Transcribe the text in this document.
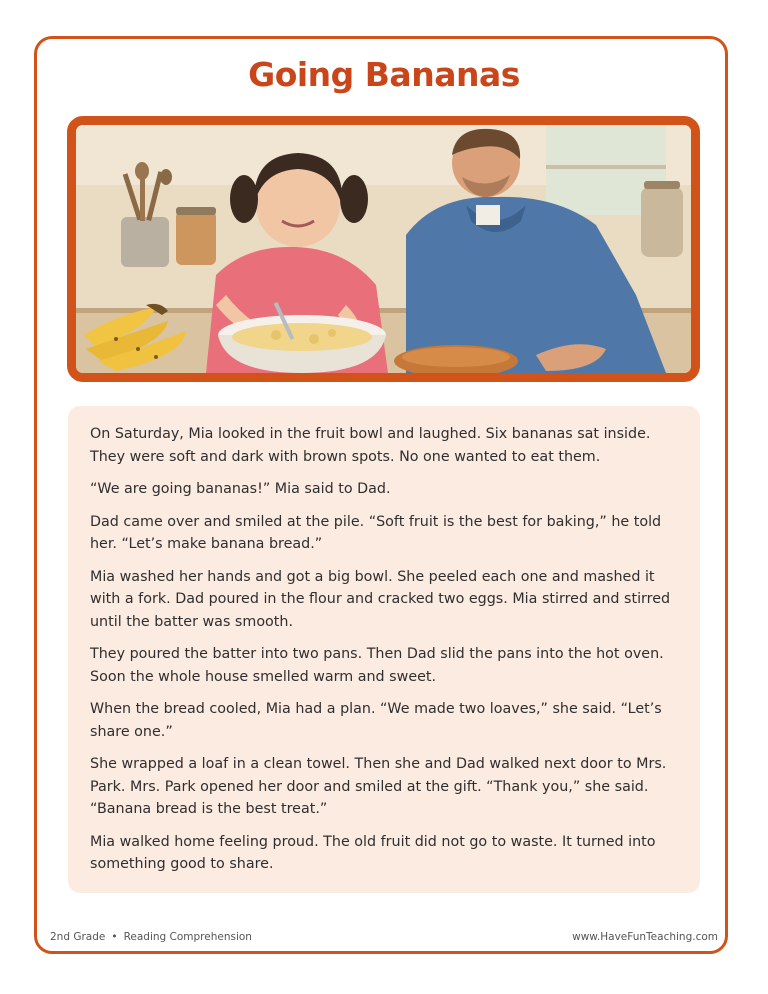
Going Bananas

On Saturday, Mia looked in the fruit bowl and laughed. Six bananas sat inside. They were soft and dark with brown spots. No one wanted to eat them.

“We are going bananas!” Mia said to Dad.

Dad came over and smiled at the pile. “Soft fruit is the best for baking,” he told her. “Let’s make banana bread.”

Mia washed her hands and got a big bowl. She peeled each one and mashed it with a fork. Dad poured in the flour and cracked two eggs. Mia stirred and stirred until the batter was smooth.

They poured the batter into two pans. Then Dad slid the pans into the hot oven. Soon the whole house smelled warm and sweet.

When the bread cooled, Mia had a plan. “We made two loaves,” she said. “Let’s share one.”

She wrapped a loaf in a clean towel. Then she and Dad walked next door to Mrs. Park. Mrs. Park opened her door and smiled at the gift. “Thank you,” she said. “Banana bread is the best treat.”

Mia walked home feeling proud. The old fruit did not go to waste. It turned into something good to share.

2nd Grade • Reading Comprehension	www.HaveFunTeaching.com
